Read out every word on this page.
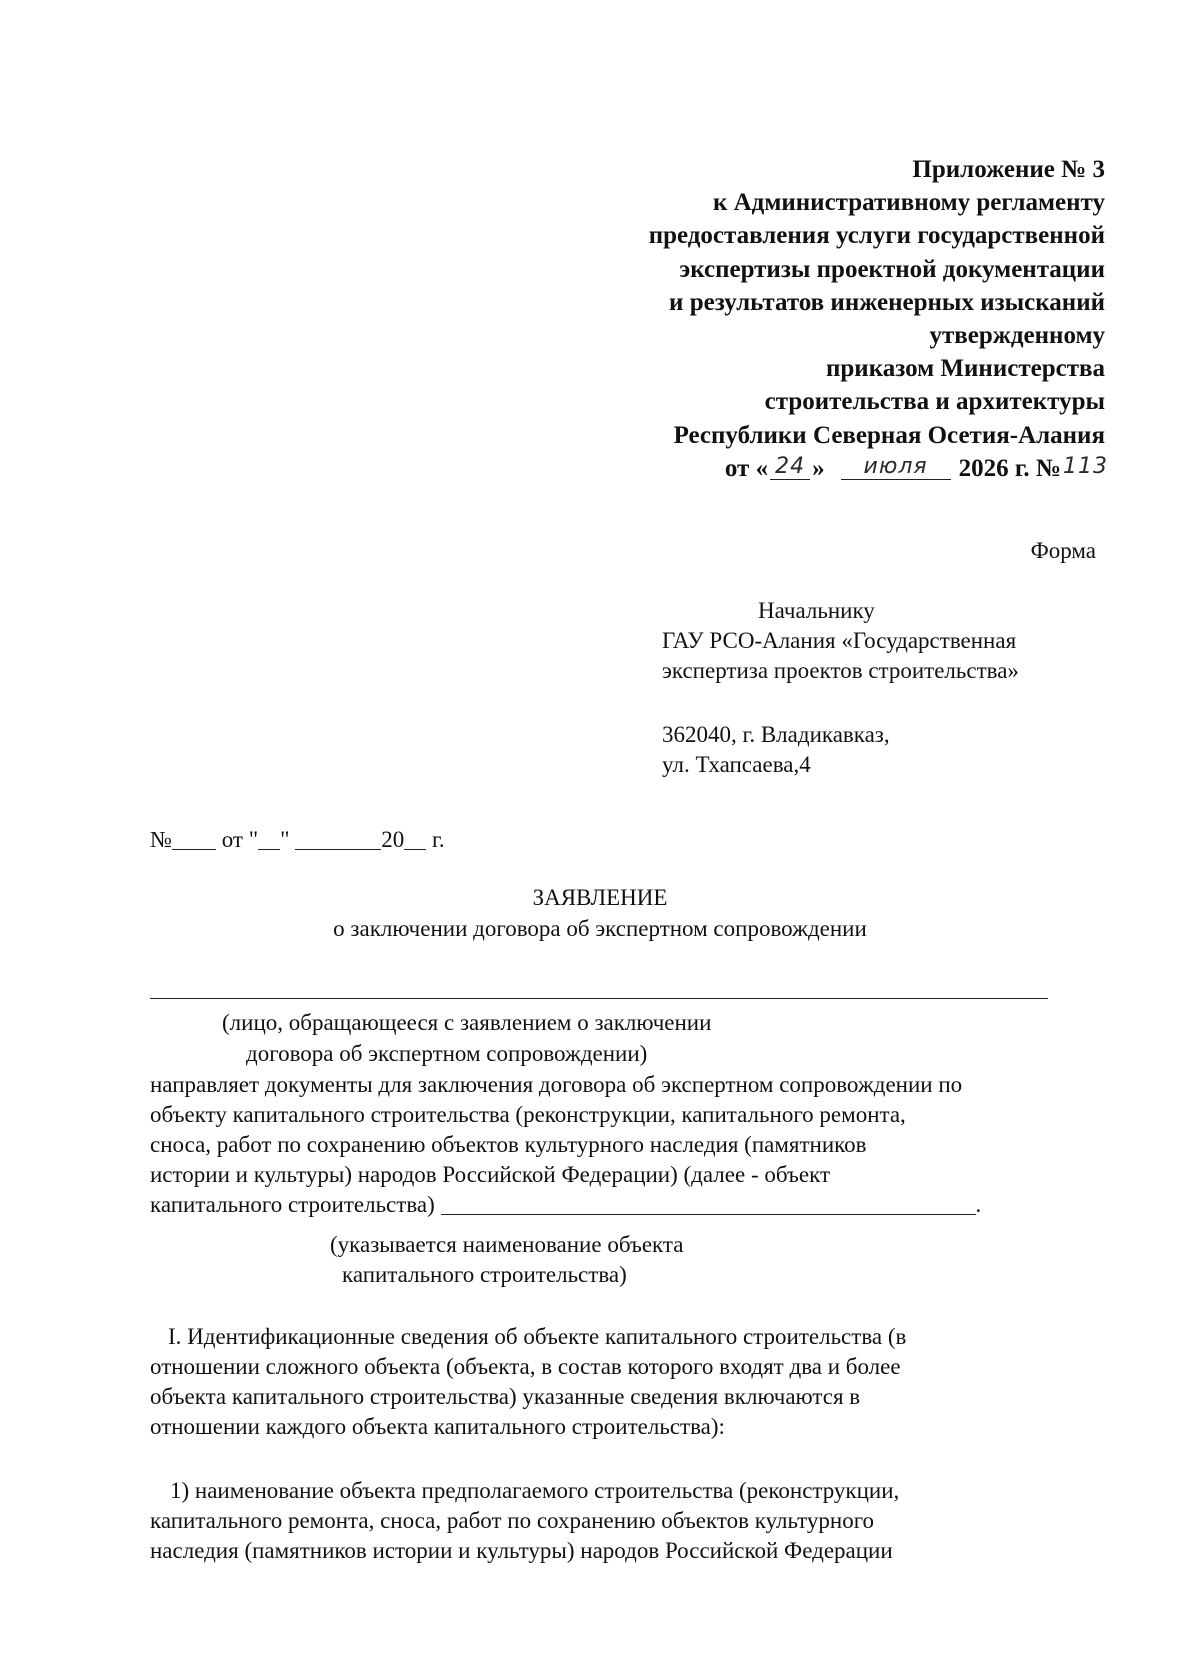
Приложение № 3
к Административному регламенту
предоставления услуги государственной
экспертизы проектной документации
и результатов инженерных изысканий
утвержденному
приказом Министерства
строительства и архитектуры
Республики Северная Осетия-Алания
от « 24 »	июля	2026 г. № 113
Форма
Начальнику
ГАУ РСО-Алания «Государственная
экспертиза проектов строительства»
362040, г. Владикавказ,
ул. Тхапсаева,4
№ от " "	20 г.
ЗАЯВЛЕНИЕ
о заключении договора об экспертном сопровождении
(лицо, обращающееся с заявлением о заключении
договора об экспертном сопровождении)
направляет документы для заключения договора об экспертном сопровождении по
объекту капитального строительства (реконструкции, капитального ремонта,
сноса, работ по сохранению объектов культурного наследия (памятников
истории и культуры) народов Российской Федерации) (далее - объект
капитального строительства)	.
(указывается наименование объекта
капитального строительства)
I. Идентификационные сведения об объекте капитального строительства (в
отношении сложного объекта (объекта, в состав которого входят два и более
объекта капитального строительства) указанные сведения включаются в
отношении каждого объекта капитального строительства):
1) наименование объекта предполагаемого строительства (реконструкции,
капитального ремонта, сноса, работ по сохранению объектов культурного
наследия (памятников истории и культуры) народов Российской Федерации
